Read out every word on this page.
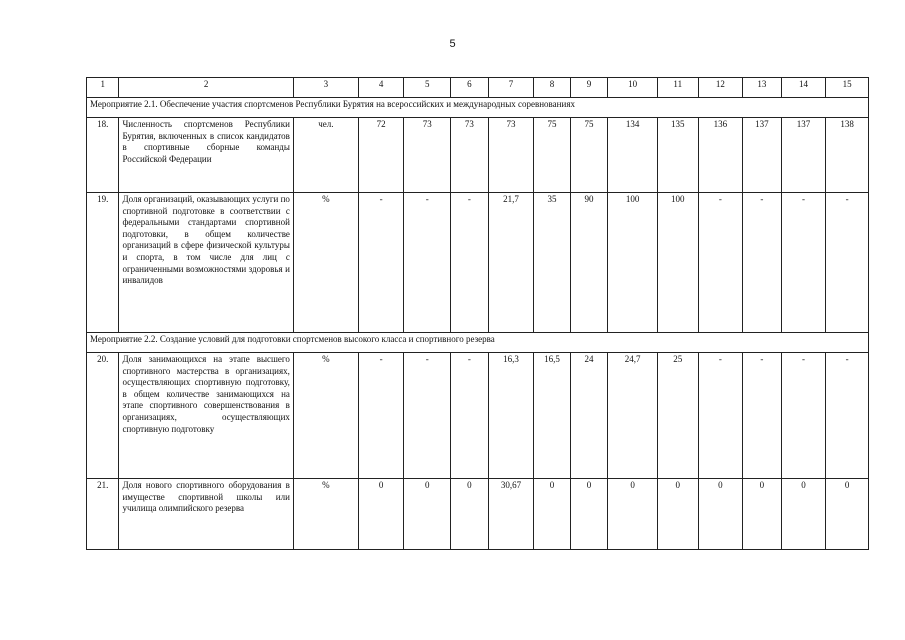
5
1	2	3	4	5	6	7	8	9	10	11	12	13	14	15
Мероприятие 2.1. Обеспечение участия спортсменов Республики Бурятия на всероссийских и международных соревнованиях														
18.	Численность спортсменов Республики Бурятия, включенных в список кандидатов в спортивные сборные команды Российской Федерации	чел.	72	73	73	73	75	75	134	135	136	137	137	138
19.	Доля организаций, оказывающих услуги по спортивной подготовке в соответствии с федеральными стандартами спортивной подготовки, в общем количестве организаций в сфере физической культуры и спорта, в том числе для лиц с ограниченными возможностями здоровья и инвалидов	%	-	-	-	21,7	35	90	100	100	-	-	-	-
Мероприятие 2.2. Создание условий для подготовки спортсменов высокого класса и спортивного резерва														
20.	Доля занимающихся на этапе высшего спортивного мастерства в организациях, осуществляющих спортивную подготовку, в общем количестве занимающихся на этапе спортивного совершенствования в организациях, осуществляющих спортивную подготовку	%	-	-	-	16,3	16,5	24	24,7	25	-	-	-	-
21.	Доля нового спортивного оборудования в имуществе спортивной школы или училища олимпийского резерва	%	0	0	0	30,67	0	0	0	0	0	0	0	0
